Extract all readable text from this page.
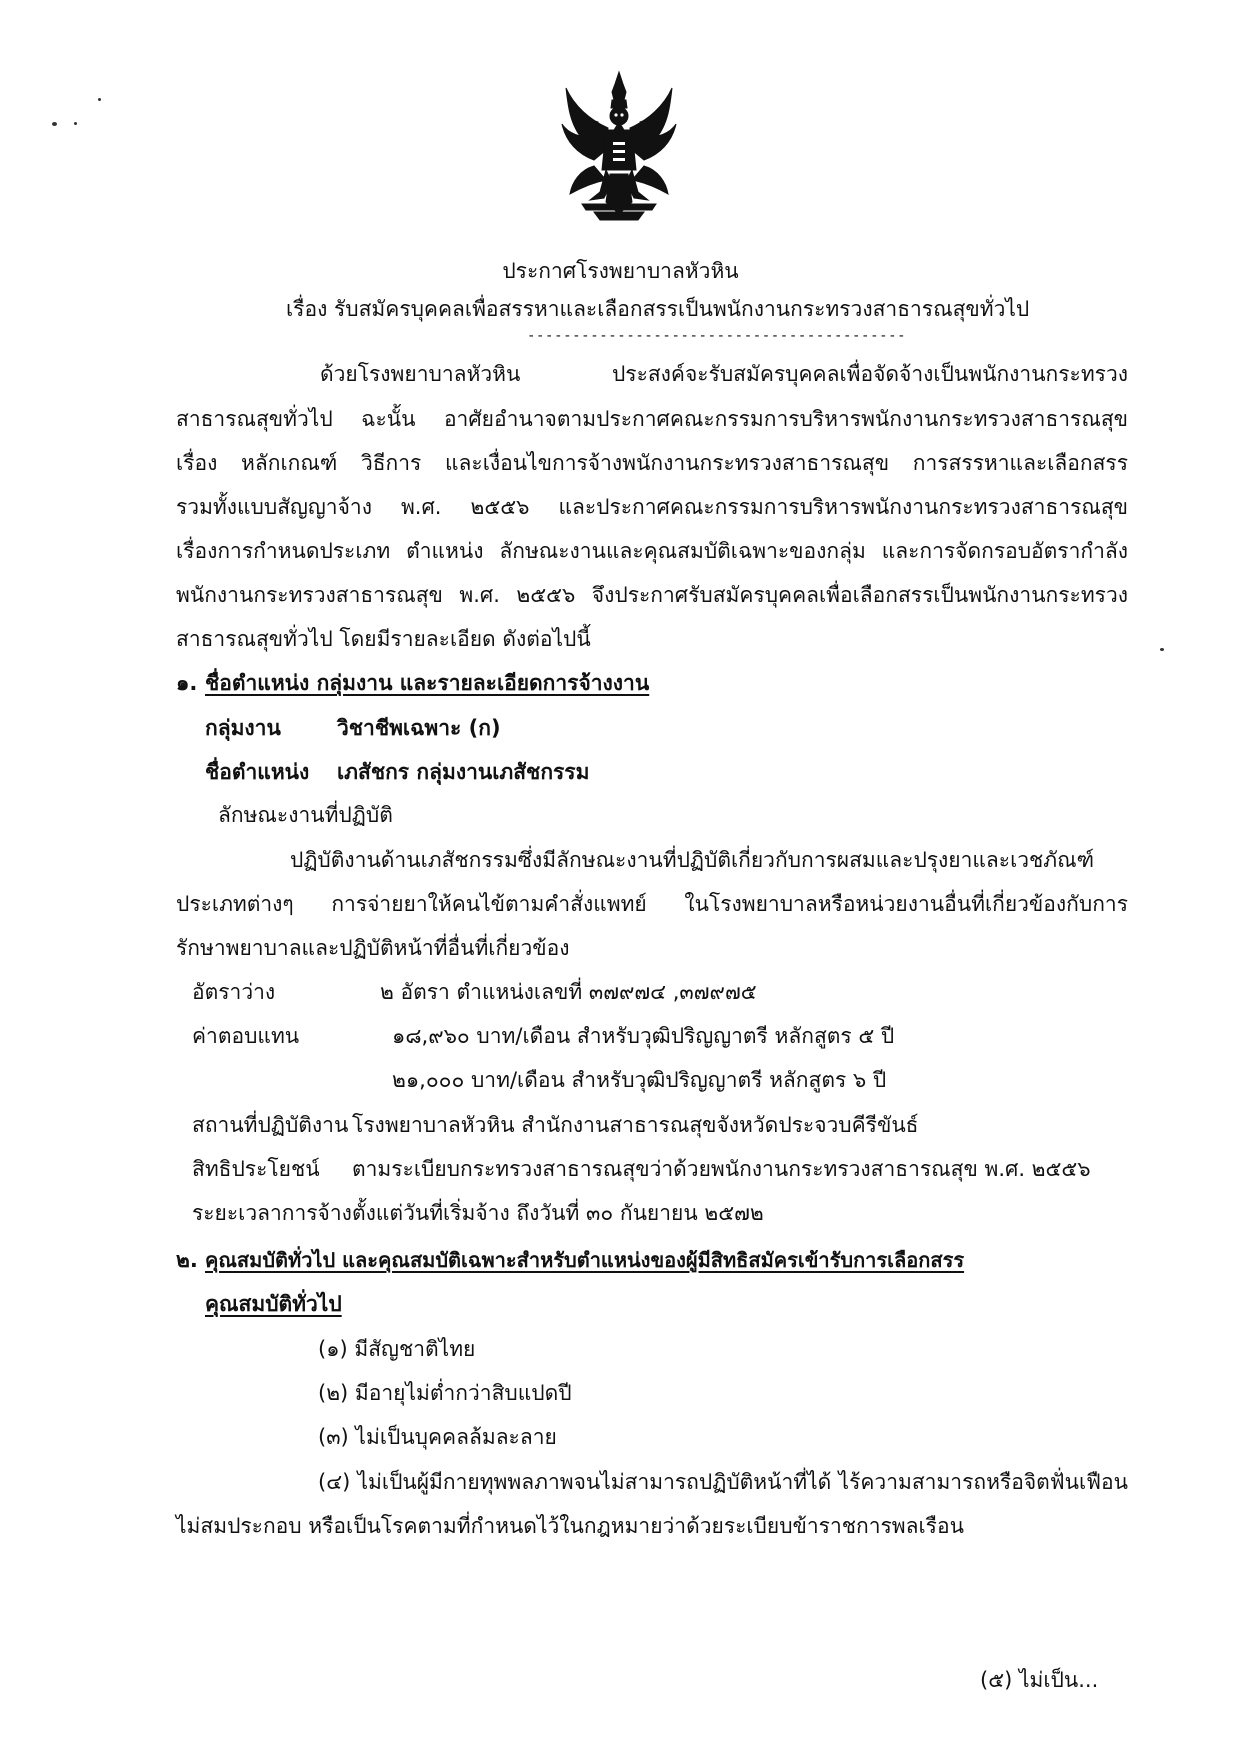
ประกาศโรงพยาบาลหัวหิน
เรื่อง รับสมัครบุคคลเพื่อสรรหาและเลือกสรรเป็นพนักงานกระทรวงสาธารณสุขทั่วไป
------------------------------------------
ด้วยโรงพยาบาลหัวหิน ประสงค์จะรับสมัครบุคคลเพื่อจัดจ้างเป็นพนักงานกระทรวง
สาธารณสุขทั่วไป ฉะนั้น อาศัยอำนาจตามประกาศคณะกรรมการบริหารพนักงานกระทรวงสาธารณสุข
เรื่อง หลักเกณฑ์ วิธีการ และเงื่อนไขการจ้างพนักงานกระทรวงสาธารณสุข การสรรหาและเลือกสรร
รวมทั้งแบบสัญญาจ้าง พ.ศ. ๒๕๕๖ และประกาศคณะกรรมการบริหารพนักงานกระทรวงสาธารณสุข
เรื่องการกำหนดประเภท ตำแหน่ง ลักษณะงานและคุณสมบัติเฉพาะของกลุ่ม และการจัดกรอบอัตรากำลัง
พนักงานกระทรวงสาธารณสุข พ.ศ. ๒๕๕๖ จึงประกาศรับสมัครบุคคลเพื่อเลือกสรรเป็นพนักงานกระทรวง
สาธารณสุขทั่วไป โดยมีรายละเอียด ดังต่อไปนี้
๑. ชื่อตำแหน่ง กลุ่มงาน และรายละเอียดการจ้างงาน
กลุ่มงาน	วิชาชีพเฉพาะ (ก)
ชื่อตำแหน่ง เภสัชกร กลุ่มงานเภสัชกรรม
ลักษณะงานที่ปฏิบัติ
ปฏิบัติงานด้านเภสัชกรรมซึ่งมีลักษณะงานที่ปฏิบัติเกี่ยวกับการผสมและปรุงยาและเวชภัณฑ์
ประเภทต่างๆ การจ่ายยาให้คนไข้ตามคำสั่งแพทย์ ในโรงพยาบาลหรือหน่วยงานอื่นที่เกี่ยวข้องกับการ
รักษาพยาบาลและปฏิบัติหน้าที่อื่นที่เกี่ยวข้อง
อัตราว่าง	๒ อัตรา ตำแหน่งเลขที่ ๓๗๙๗๔ ,๓๗๙๗๕
ค่าตอบแทน	๑๘,๙๖๐ บาท/เดือน สำหรับวุฒิปริญญาตรี หลักสูตร ๕ ปี
๒๑,๐๐๐ บาท/เดือน สำหรับวุฒิปริญญาตรี หลักสูตร ๖ ปี
สถานที่ปฏิบัติงาน โรงพยาบาลหัวหิน สำนักงานสาธารณสุขจังหวัดประจวบคีรีขันธ์
สิทธิประโยชน์ ตามระเบียบกระทรวงสาธารณสุขว่าด้วยพนักงานกระทรวงสาธารณสุข พ.ศ. ๒๕๕๖
ระยะเวลาการจ้าง ตั้งแต่วันที่เริ่มจ้าง ถึงวันที่ ๓๐ กันยายน ๒๕๗๒
๒. คุณสมบัติทั่วไป และคุณสมบัติเฉพาะสำหรับตำแหน่งของผู้มีสิทธิสมัครเข้ารับการเลือกสรร
คุณสมบัติทั่วไป
(๑) มีสัญชาติไทย
(๒) มีอายุไม่ต่ำกว่าสิบแปดปี
(๓) ไม่เป็นบุคคลล้มละลาย
(๔) ไม่เป็นผู้มีกายทุพพลภาพจนไม่สามารถปฏิบัติหน้าที่ได้ ไร้ความสามารถหรือจิตฟั่นเฟือน
ไม่สมประกอบ หรือเป็นโรคตามที่กำหนดไว้ในกฎหมายว่าด้วยระเบียบข้าราชการพลเรือน
(๕) ไม่เป็น...
